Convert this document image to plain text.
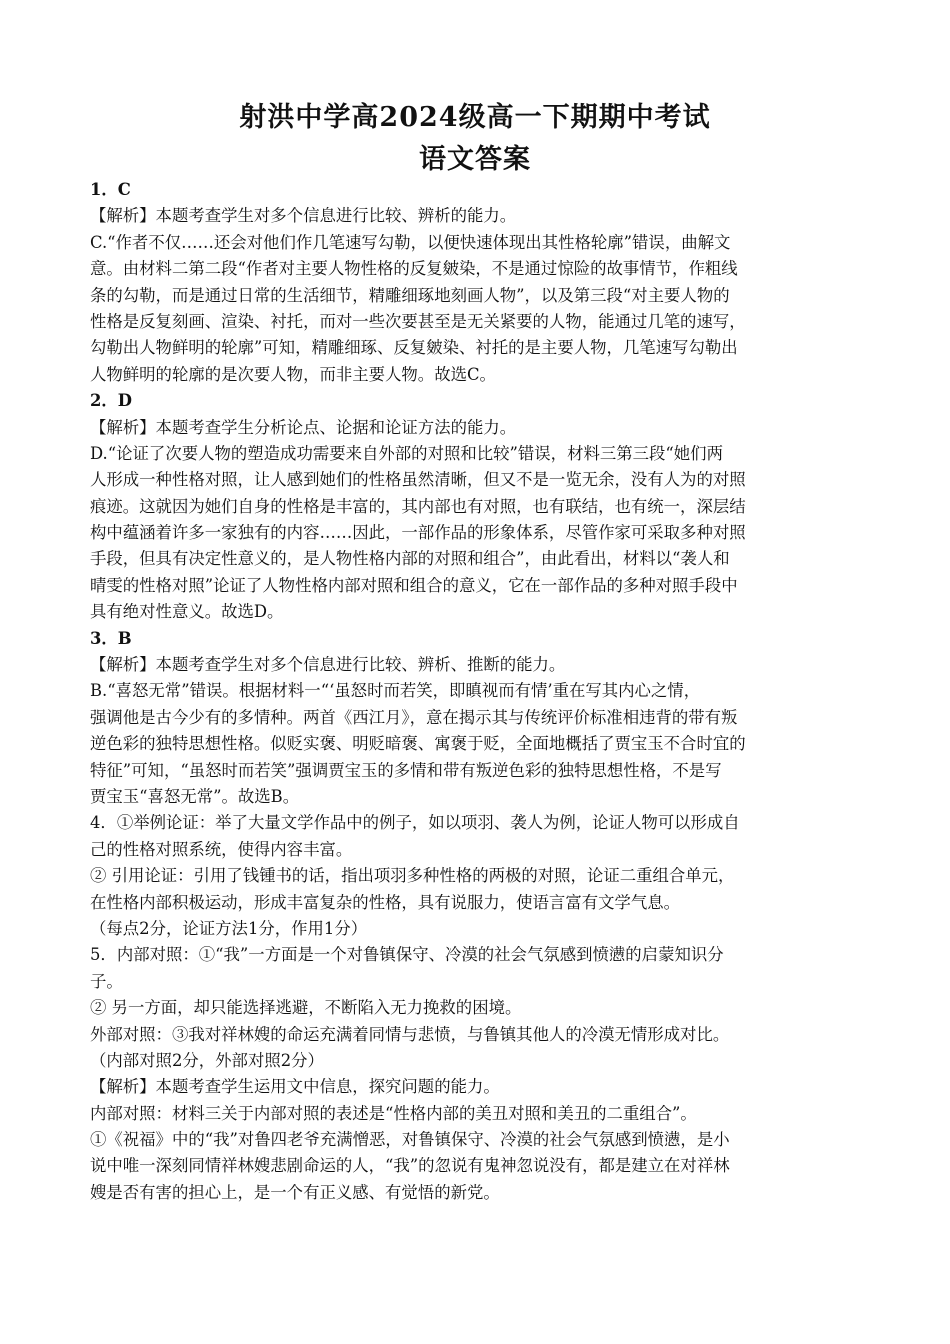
射洪中学高2024级高一下期期中考试
语文答案
1．C
【解析】本题考查学生对多个信息进行比较、辨析的能力。
C.“作者不仅……还会对他们作几笔速写勾勒，以便快速体现出其性格轮廓”错误，曲解文
意。由材料二第二段“作者对主要人物性格的反复皴染，不是通过惊险的故事情节，作粗线
条的勾勒，而是通过日常的生活细节，精雕细琢地刻画人物”，以及第三段“对主要人物的
性格是反复刻画、渲染、衬托，而对一些次要甚至是无关紧要的人物，能通过几笔的速写，
勾勒出人物鲜明的轮廓”可知，精雕细琢、反复皴染、衬托的是主要人物，几笔速写勾勒出
人物鲜明的轮廓的是次要人物，而非主要人物。故选C。
2．D
【解析】本题考查学生分析论点、论据和论证方法的能力。
D.“论证了次要人物的塑造成功需要来自外部的对照和比较”错误，材料三第三段“她们两
人形成一种性格对照，让人感到她们的性格虽然清晰，但又不是一览无余，没有人为的对照
痕迹。这就因为她们自身的性格是丰富的，其内部也有对照，也有联结，也有统一，深层结
构中蕴涵着许多一家独有的内容……因此，一部作品的形象体系，尽管作家可采取多种对照
手段，但具有决定性意义的，是人物性格内部的对照和组合”，由此看出，材料以“袭人和
晴雯的性格对照”论证了人物性格内部对照和组合的意义，它在一部作品的多种对照手段中
具有绝对性意义。故选D。
3．B
【解析】本题考查学生对多个信息进行比较、辨析、推断的能力。
B.“喜怒无常”错误。根据材料一“‘虽怒时而若笑，即瞋视而有情’重在写其内心之情，
强调他是古今少有的多情种。两首《西江月》，意在揭示其与传统评价标准相违背的带有叛
逆色彩的独特思想性格。似贬实褒、明贬暗褒、寓褒于贬，全面地概括了贾宝玉不合时宜的
特征”可知，“虽怒时而若笑”强调贾宝玉的多情和带有叛逆色彩的独特思想性格，不是写
贾宝玉“喜怒无常”。故选B。
4．①举例论证：举了大量文学作品中的例子，如以项羽、袭人为例，论证人物可以形成自
己的性格对照系统，使得内容丰富。
② 引用论证：引用了钱锺书的话，指出项羽多种性格的两极的对照，论证二重组合单元，
在性格内部积极运动，形成丰富复杂的性格，具有说服力，使语言富有文学气息。
（每点2分，论证方法1分，作用1分）
5．内部对照：①“我”一方面是一个对鲁镇保守、冷漠的社会气氛感到愤懑的启蒙知识分
子。
② 另一方面，却只能选择逃避，不断陷入无力挽救的困境。
外部对照：③我对祥林嫂的命运充满着同情与悲愤，与鲁镇其他人的冷漠无情形成对比。
（内部对照2分，外部对照2分）
【解析】本题考查学生运用文中信息，探究问题的能力。
内部对照：材料三关于内部对照的表述是“性格内部的美丑对照和美丑的二重组合”。
①《祝福》中的“我”对鲁四老爷充满憎恶，对鲁镇保守、冷漠的社会气氛感到愤懑，是小
说中唯一深刻同情祥林嫂悲剧命运的人，“我”的忽说有鬼神忽说没有，都是建立在对祥林
嫂是否有害的担心上，是一个有正义感、有觉悟的新党。
